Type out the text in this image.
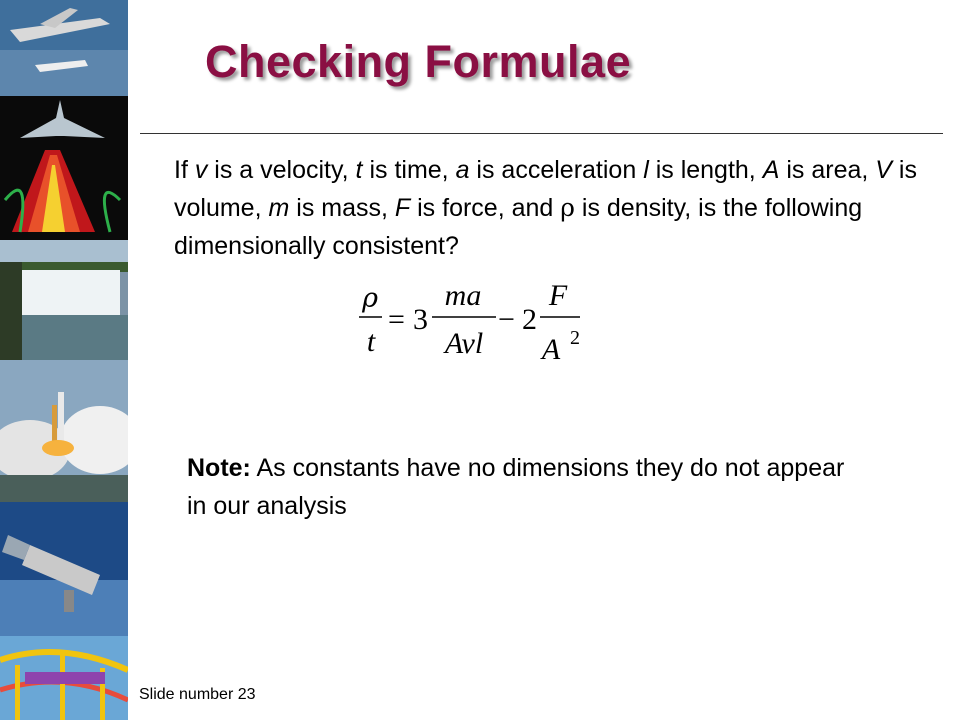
Checking Formulae

If v is a velocity, t is time, a is acceleration l is length, A is area, V is volume, m is mass, F is force, and ρ is density, is the following dimensionally consistent?

ρ
t
= 3
ma
Avl
− 2
F
A 2

Note: As constants have no dimensions they do not appear in our analysis

Slide number 23
